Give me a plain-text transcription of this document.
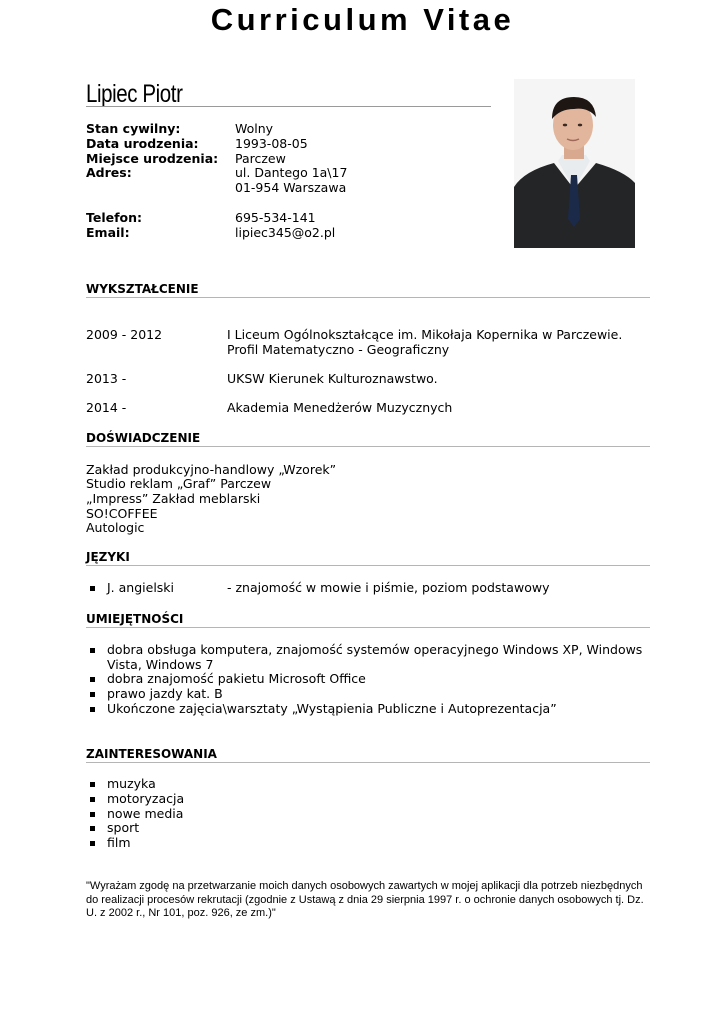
Curriculum Vitae
Lipiec Piotr
Stan cywilny:	Wolny
Data urodzenia:	1993-08-05
Miejsce urodzenia: Parczew
Adres:	ul. Dantego 1a\17
01-954 Warszawa
Telefon:	695-534-141
Email:	lipiec345@o2.pl
WYKSZTAŁCENIE
2009 - 2012	I Liceum Ogólnokształcące im. Mikołaja Kopernika w Parczewie.
Profil Matematyczno - Geograficzny
2013 -	UKSW Kierunek Kulturoznawstwo.
2014 -	Akademia Menedżerów Muzycznych
DOŚWIADCZENIE
Zakład produkcyjno-handlowy „Wzorek”
Studio reklam „Graf” Parczew
„Impress” Zakład meblarski
SO!COFFEE
Autologic
JĘZYKI
J. angielski	- znajomość w mowie i piśmie, poziom podstawowy
UMIEJĘTNOŚCI
dobra obsługa komputera, znajomość systemów operacyjnego Windows XP, Windows
Vista, Windows 7
dobra znajomość pakietu Microsoft Office
prawo jazdy kat. B
Ukończone zajęcia\warsztaty „Wystąpienia Publiczne i Autoprezentacja”
ZAINTERESOWANIA
muzyka
motoryzacja
nowe media
sport
film
"Wyrażam zgodę na przetwarzanie moich danych osobowych zawartych w mojej aplikacji dla potrzeb niezbędnych do realizacji procesów rekrutacji (zgodnie z Ustawą z dnia 29 sierpnia 1997 r. o ochronie danych osobowych tj. Dz. U. z 2002 r., Nr 101, poz. 926, ze zm.)"
